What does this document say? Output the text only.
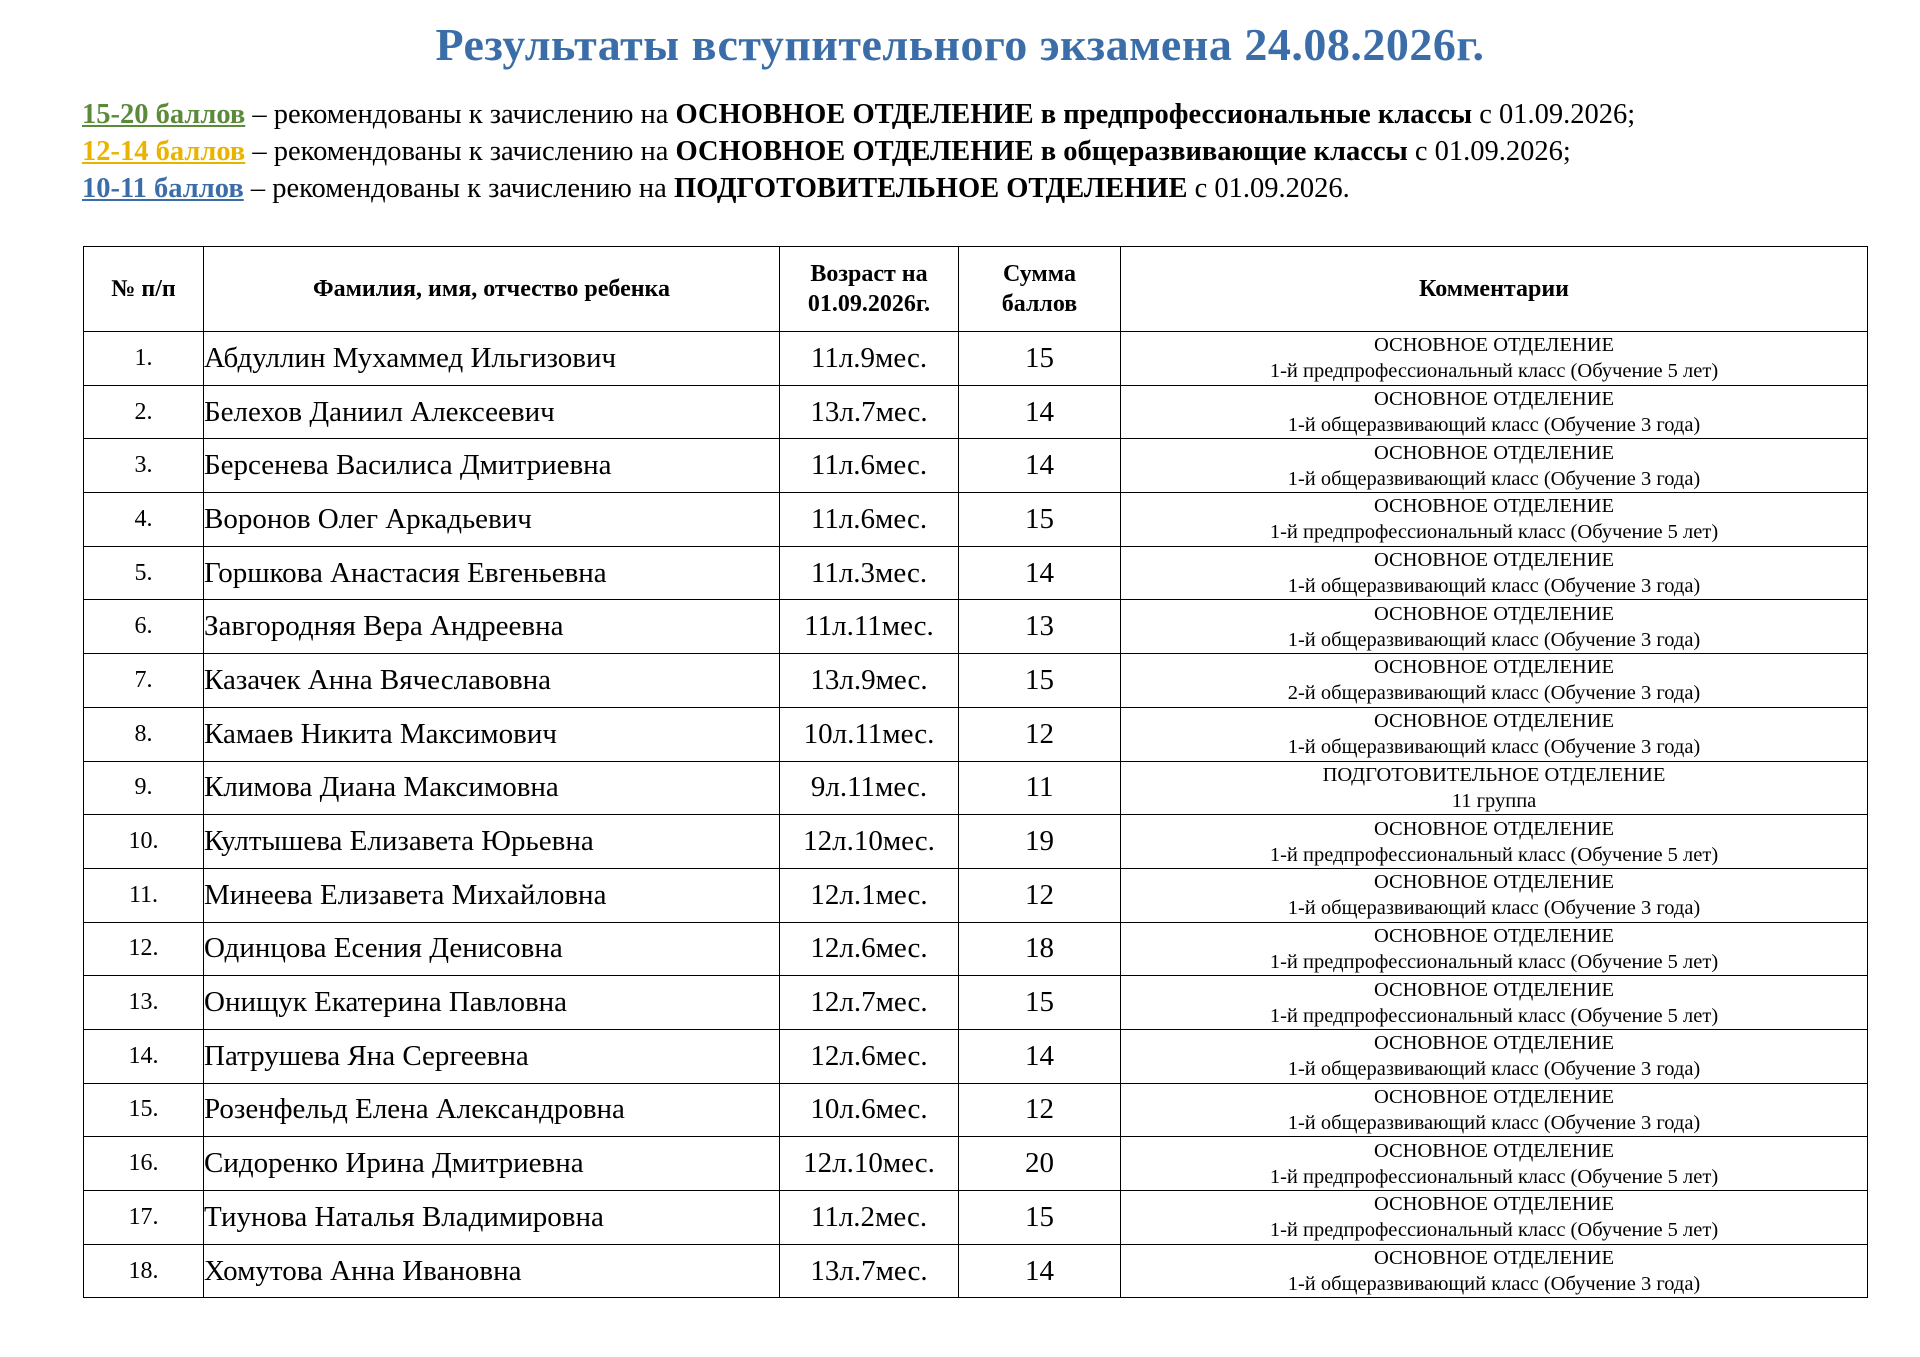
Результаты вступительного экзамена 24.08.2026г.
15-20 баллов – рекомендованы к зачислению на ОСНОВНОЕ ОТДЕЛЕНИЕ в предпрофессиональные классы с 01.09.2026;
12-14 баллов – рекомендованы к зачислению на ОСНОВНОЕ ОТДЕЛЕНИЕ в общеразвивающие классы с 01.09.2026;
10-11 баллов – рекомендованы к зачислению на ПОДГОТОВИТЕЛЬНОЕ ОТДЕЛЕНИЕ с 01.09.2026.
№ п/п	Фамилия, имя, отчество ребенка	Возраст на 01.09.2026г.	Сумма баллов	Комментарии
1.	Абдуллин Мухаммед Ильгизович	11л.9мес.	15	ОСНОВНОЕ ОТДЕЛЕНИЕ
1-й предпрофессиональный класс (Обучение 5 лет)

2.	Белехов Даниил Алексеевич	13л.7мес.	14	ОСНОВНОЕ ОТДЕЛЕНИЕ
1-й общеразвивающий класс (Обучение 3 года)

3.	Берсенева Василиса Дмитриевна	11л.6мес.	14	ОСНОВНОЕ ОТДЕЛЕНИЕ
1-й общеразвивающий класс (Обучение 3 года)

4.	Воронов Олег Аркадьевич	11л.6мес.	15	ОСНОВНОЕ ОТДЕЛЕНИЕ
1-й предпрофессиональный класс (Обучение 5 лет)

5.	Горшкова Анастасия Евгеньевна	11л.3мес.	14	ОСНОВНОЕ ОТДЕЛЕНИЕ
1-й общеразвивающий класс (Обучение 3 года)

6.	Завгородняя Вера Андреевна	11л.11мес.	13	ОСНОВНОЕ ОТДЕЛЕНИЕ
1-й общеразвивающий класс (Обучение 3 года)

7.	Казачек Анна Вячеславовна	13л.9мес.	15	ОСНОВНОЕ ОТДЕЛЕНИЕ
2-й общеразвивающий класс (Обучение 3 года)

8.	Камаев Никита Максимович	10л.11мес.	12	ОСНОВНОЕ ОТДЕЛЕНИЕ
1-й общеразвивающий класс (Обучение 3 года)

9.	Климова Диана Максимовна	9л.11мес.	11	ПОДГОТОВИТЕЛЬНОЕ ОТДЕЛЕНИЕ
11 группа

10.	Култышева Елизавета Юрьевна	12л.10мес.	19	ОСНОВНОЕ ОТДЕЛЕНИЕ
1-й предпрофессиональный класс (Обучение 5 лет)

11.	Минеева Елизавета Михайловна	12л.1мес.	12	ОСНОВНОЕ ОТДЕЛЕНИЕ
1-й общеразвивающий класс (Обучение 3 года)

12.	Одинцова Есения Денисовна	12л.6мес.	18	ОСНОВНОЕ ОТДЕЛЕНИЕ
1-й предпрофессиональный класс (Обучение 5 лет)

13.	Онищук Екатерина Павловна	12л.7мес.	15	ОСНОВНОЕ ОТДЕЛЕНИЕ
1-й предпрофессиональный класс (Обучение 5 лет)

14.	Патрушева Яна Сергеевна	12л.6мес.	14	ОСНОВНОЕ ОТДЕЛЕНИЕ
1-й общеразвивающий класс (Обучение 3 года)

15.	Розенфельд Елена Александровна	10л.6мес.	12	ОСНОВНОЕ ОТДЕЛЕНИЕ
1-й общеразвивающий класс (Обучение 3 года)

16.	Сидоренко Ирина Дмитриевна	12л.10мес.	20	ОСНОВНОЕ ОТДЕЛЕНИЕ
1-й предпрофессиональный класс (Обучение 5 лет)

17.	Тиунова Наталья Владимировна	11л.2мес.	15	ОСНОВНОЕ ОТДЕЛЕНИЕ
1-й предпрофессиональный класс (Обучение 5 лет)

18.	Хомутова Анна Ивановна	13л.7мес.	14	ОСНОВНОЕ ОТДЕЛЕНИЕ
1-й общеразвивающий класс (Обучение 3 года)
